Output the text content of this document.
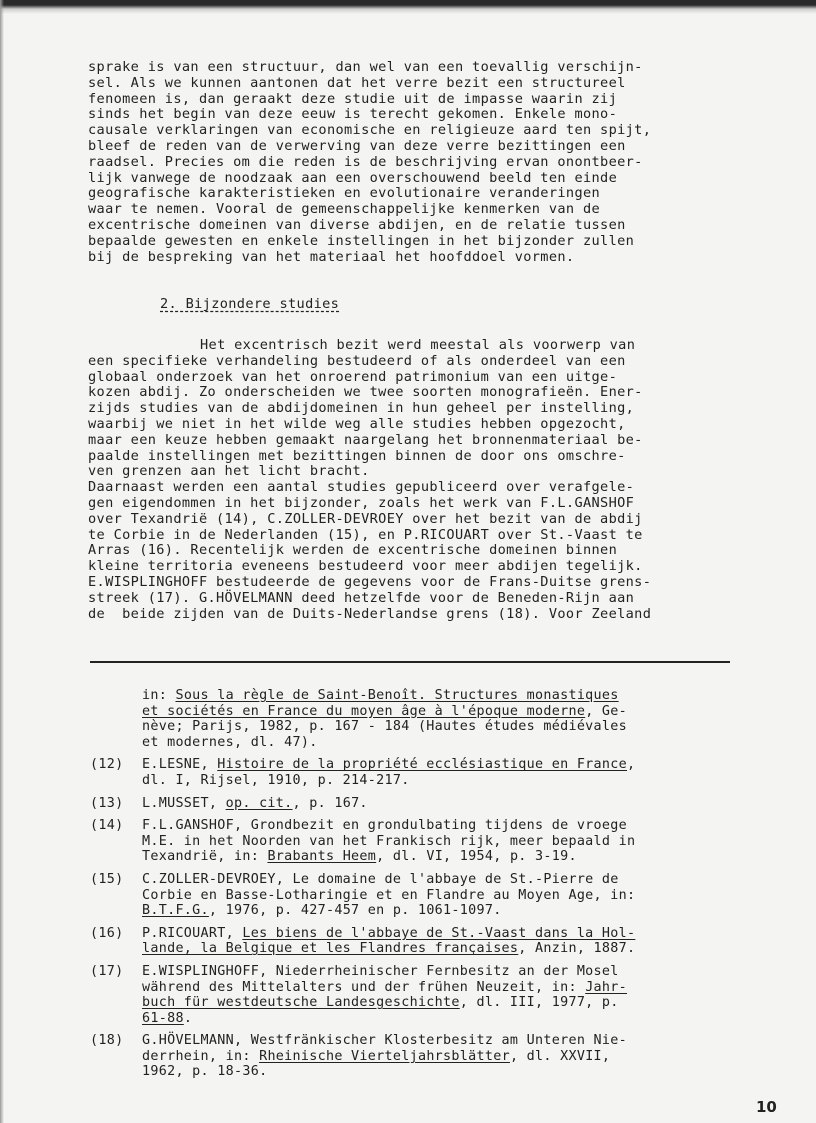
sprake is van een structuur, dan wel van een toevallig verschijn-
sel. Als we kunnen aantonen dat het verre bezit een structureel
fenomeen is, dan geraakt deze studie uit de impasse waarin zij
sinds het begin van deze eeuw is terecht gekomen. Enkele mono-
causale verklaringen van economische en religieuze aard ten spijt,
bleef de reden van de verwerving van deze verre bezittingen een
raadsel. Precies om die reden is de beschrijving ervan onontbeer-
lijk vanwege de noodzaak aan een overschouwend beeld ten einde
geografische karakteristieken en evolutionaire veranderingen
waar te nemen. Vooral de gemeenschappelijke kenmerken van de
excentrische domeinen van diverse abdijen, en de relatie tussen
bepaalde gewesten en enkele instellingen in het bijzonder zullen
bij de bespreking van het materiaal het hoofddoel vormen.
2. Bijzondere studies
Het excentrisch bezit werd meestal als voorwerp van
een specifieke verhandeling bestudeerd of als onderdeel van een
globaal onderzoek van het onroerend patrimonium van een uitge-
kozen abdij. Zo onderscheiden we twee soorten monografieën. Ener-
zijds studies van de abdijdomeinen in hun geheel per instelling,
waarbij we niet in het wilde weg alle studies hebben opgezocht,
maar een keuze hebben gemaakt naargelang het bronnenmateriaal be-
paalde instellingen met bezittingen binnen de door ons omschre-
ven grenzen aan het licht bracht.
Daarnaast werden een aantal studies gepubliceerd over verafgele-
gen eigendommen in het bijzonder, zoals het werk van F.L.GANSHOF
over Texandrië (14), C.ZOLLER-DEVROEY over het bezit van de abdij
te Corbie in de Nederlanden (15), en P.RICOUART over St.-Vaast te
Arras (16). Recentelijk werden de excentrische domeinen binnen
kleine territoria eveneens bestudeerd voor meer abdijen tegelijk.
E.WISPLINGHOFF bestudeerde de gegevens voor de Frans-Duitse grens-
streek (17). G.HÖVELMANN deed hetzelfde voor de Beneden-Rijn aan
de  beide zijden van de Duits-Nederlandse grens (18). Voor Zeeland
in: Sous la règle de Saint-Benoît. Structures monastiques
et sociétés en France du moyen âge à l'époque moderne, Ge-
nève; Parijs, 1982, p. 167 - 184 (Hautes études médiévales
et modernes, dl. 47).
(12)	E.LESNE, Histoire de la propriété ecclésiastique en France,
dl. I, Rijsel, 1910, p. 214-217.
(13)	L.MUSSET, op. cit., p. 167.
(14)	F.L.GANSHOF, Grondbezit en grondulbating tijdens de vroege
M.E. in het Noorden van het Frankisch rijk, meer bepaald in
Texandrië, in: Brabants Heem, dl. VI, 1954, p. 3-19.
(15)	C.ZOLLER-DEVROEY, Le domaine de l'abbaye de St.-Pierre de
Corbie en Basse-Lotharingie et en Flandre au Moyen Age, in:
B.T.F.G., 1976, p. 427-457 en p. 1061-1097.
(16)	P.RICOUART, Les biens de l'abbaye de St.-Vaast dans la Hol-
lande, la Belgique et les Flandres françaises, Anzin, 1887.
(17)	E.WISPLINGHOFF, Niederrheinischer Fernbesitz an der Mosel
während des Mittelalters und der frühen Neuzeit, in: Jahr-
buch für westdeutsche Landesgeschichte, dl. III, 1977, p.
61-88.
(18)	G.HÖVELMANN, Westfränkischer Klosterbesitz am Unteren Nie-
derrhein, in: Rheinische Vierteljahrsblätter, dl. XXVII,
1962, p. 18-36.
10
